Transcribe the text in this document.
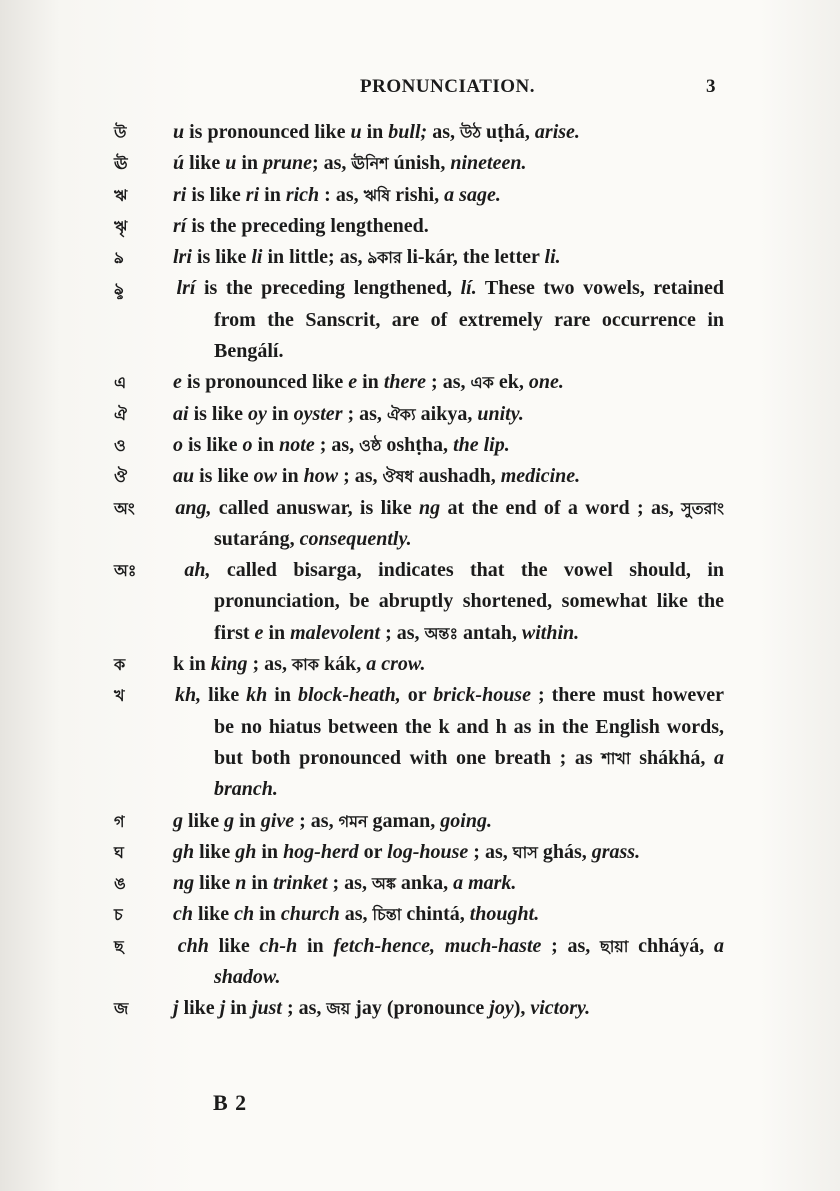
PRONUNCIATION.	3

উ u is pronounced like u in bull; as, উঠ uṭhá, arise.

ঊ ú like u in prune; as, ঊনিশ únish, nineteen.

ঋ ri is like ri in rich : as, ঋষি rishi, a sage.

ৠ rí is the preceding lengthened.

ঌ lri is like li in little; as, ঌকার li-kár, the letter li.

ৡ	lrí is the preceding lengthened, lí. These two vowels, retained from the Sanscrit, are of extremely rare occurrence in Bengálí.

এ e is pronounced like e in there ; as, এক ek, one.

ঐ ai is like oy in oyster ; as, ঐক্য aikya, unity.

ও o is like o in note ; as, ওষ্ঠ oshṭha, the lip.

ঔ au is like ow in how ; as, ঔষধ aushadh, medicine.

অং ang, called anuswar, is like ng at the end of a word ; as, সুতরাং sutaráng, consequently.

অঃ ah, called bisarga, indicates that the vowel should, in pronunciation, be abruptly shortened, somewhat like the first e in malevolent ; as, অন্তঃ antah, within.

ক k in king ; as, কাক kák, a crow.

খ	kh, like kh in block-heath, or brick-house ; there must however be no hiatus between the k and h as in the English words, but both pronounced with one breath ; as শাখা shákhá, a branch.

গ g like g in give ; as, গমন gaman, going.

ঘ gh like gh in hog-herd or log-house ; as, ঘাস ghás, grass.

ঙ ng like n in trinket ; as, অঙ্ক anka, a mark.

চ	ch like ch in church as, চিন্তা chintá, thought.

ছ	chh like ch-h in fetch-hence, much-haste ; as, ছায়া chháyá, a shadow.

জ j like j in just ; as, জয় jay (pronounce joy), victory.

B 2
